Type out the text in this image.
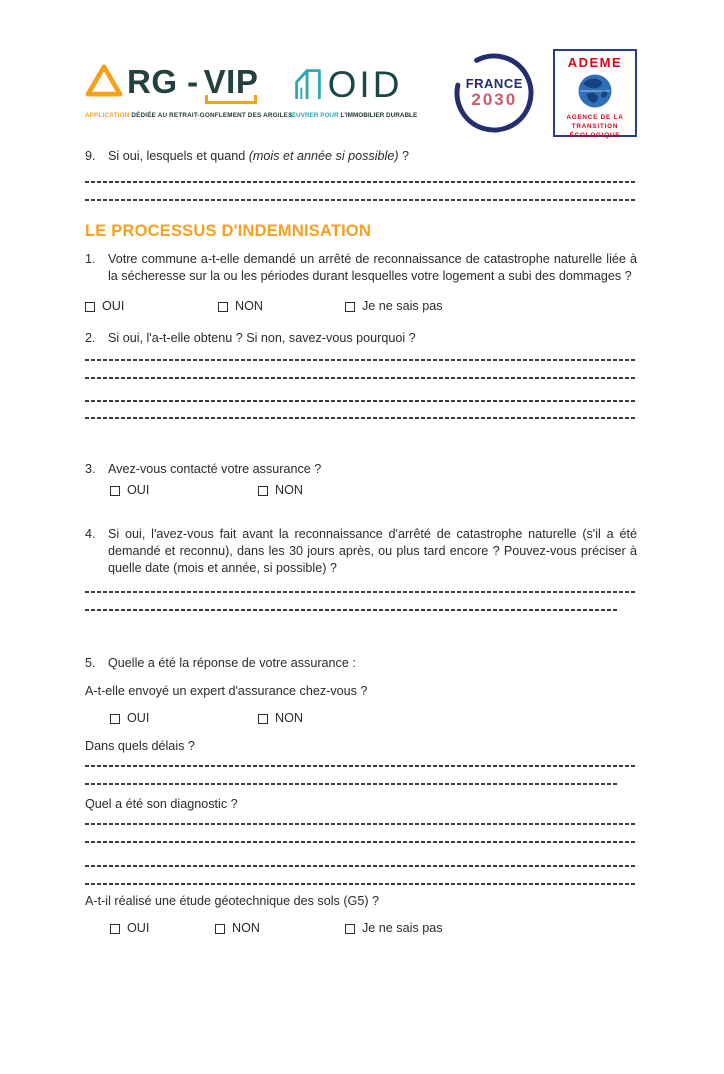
RG - VIP
APPLICATION DÉDIÉE AU RETRAIT-GONFLEMENT DES ARGILES
OID
ŒUVRER POUR L'IMMOBILIER DURABLE
FRANCE
2030
ADEME
AGENCE DE LA TRANSITION ÉCOLOGIQUE
9. Si oui, lesquels et quand (mois et année si possible) ?
LE PROCESSUS D'INDEMNISATION
1. Votre commune a-t-elle demandé un arrêté de reconnaissance de catastrophe naturelle liée à la sécheresse sur la ou les périodes durant lesquelles votre logement a subi des dommages ?
OUI	NON	Je ne sais pas
2. Si oui, l'a-t-elle obtenu ? Si non, savez-vous pourquoi ?
3. Avez-vous contacté votre assurance ?
OUI	NON
4. Si oui, l'avez-vous fait avant la reconnaissance d'arrêté de catastrophe naturelle (s'il a été demandé et reconnu), dans les 30 jours après, ou plus tard encore ? Pouvez-vous préciser à quelle date (mois et année, si possible) ?
5. Quelle a été la réponse de votre assurance :
A-t-elle envoyé un expert d'assurance chez-vous ?
OUI	NON
Dans quels délais ?
Quel a été son diagnostic ?
A-t-il réalisé une étude géotechnique des sols (G5) ?
OUI	NON	Je ne sais pas
